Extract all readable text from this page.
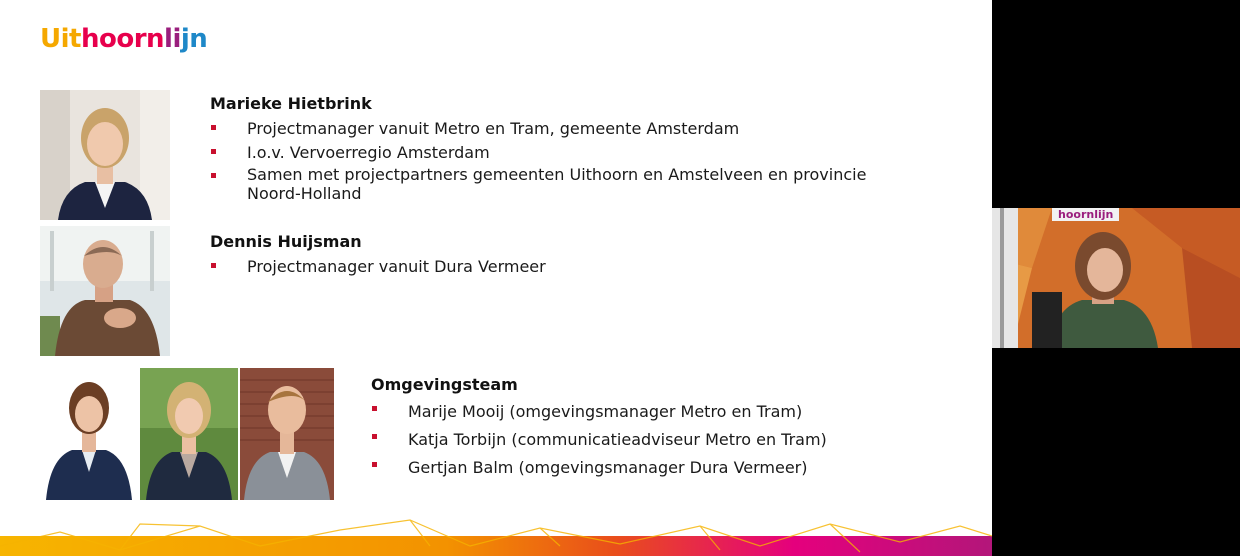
Uithoornlijn
Marieke Hietbrink
Projectmanager vanuit Metro en Tram, gemeente Amsterdam
I.o.v. Vervoerregio Amsterdam
Samen met projectpartners gemeenten Uithoorn en Amstelveen en provincie
Noord-Holland
Dennis Huijsman
Projectmanager vanuit Dura Vermeer
Omgevingsteam
Marije Mooij (omgevingsmanager Metro en Tram)
Katja Torbijn (communicatieadviseur Metro en Tram)
Gertjan Balm (omgevingsmanager Dura Vermeer)
hoornlijn
